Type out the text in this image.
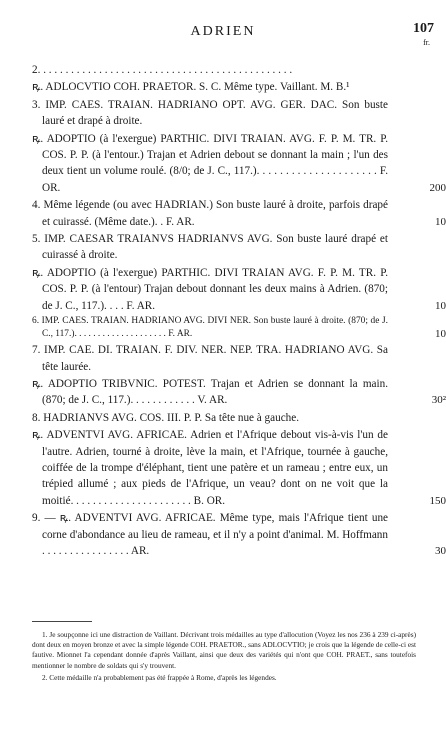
ADRIEN	107
fr.

2. . . . . . . . . . . . . . . . . . . . . . . . . . . . . . . . . . . . . . . . . . . . . .

ꝶ. ADLOCVTIO COH. PRAETOR. S. C. Même type. Vaillant. M. B.¹

3. IMP. CAES. TRAIAN. HADRIANO OPT. AVG. GER. DAC. Son buste lauré et drapé à droite.

ꝶ. ADOPTIO (à l'exergue) PARTHIC. DIVI TRAIAN. AVG. F. P. M. TR. P. COS. P. P. (à l'entour.) Trajan et Adrien debout se donnant la main ; l'un des deux tient un volume roulé. (8/0; de J. C., 117.). . . . . . . . . . . . . . . . . . . . . F. OR.	200

4. Même légende (ou avec HADRIAN.) Son buste lauré à droite, parfois drapé et cuirassé. (Même date.). . F. AR.	10

5. IMP. CAESAR TRAIANVS HADRIANVS AVG. Son buste lauré drapé et cuirassé à droite.

ꝶ. ADOPTIO (à l'exergue) PARTHIC. DIVI TRAIAN AVG. F. P. M. TR. P. COS. P. P. (à l'entour) Trajan debout donnant les deux mains à Adrien. (870; de J. C., 117.). . . . F. AR.	10

6. IMP. CAES. TRAIAN. HADRIANO AVG. DIVI NER. Son buste lauré à droite. (870; de J. C., 117.). . . . . . . . . . . . . . . . . . . . F. AR.	10

7. IMP. CAE. DI. TRAIAN. F. DIV. NER. NEP. TRA. HADRIANO AVG. Sa tête laurée.

ꝶ. ADOPTIO TRIBVNIC. POTEST. Trajan et Adrien se donnant la main. (870; de J. C., 117.). . . . . . . . . . . . V. AR.	30²

8. HADRIANVS AVG. COS. III. P. P. Sa tête nue à gauche.

ꝶ. ADVENTVI AVG. AFRICAE. Adrien et l'Afrique debout vis-à-vis l'un de l'autre. Adrien, tourné à droite, lève la main, et l'Afrique, tournée à gauche, coiffée de la trompe d'éléphant, tient une patère et un rameau ; entre eux, un trépied allumé ; aux pieds de l'Afrique, un veau? dont on ne voit que la moitié. . . . . . . . . . . . . . . . . . . . . . B. OR.	150

9. — ꝶ. ADVENTVI AVG. AFRICAE. Même type, mais l'Afrique tient une corne d'abondance au lieu de rameau, et il n'y a point d'animal. M. Hoffmann . . . . . . . . . . . . . . . . AR.	30

1. Je soupçonne ici une distraction de Vaillant. Décrivant trois médailles au type d'allocution (Voyez les nos 236 à 239 ci-après) dont deux en moyen bronze et avec la simple légende COH. PRAETOR., sans ADLOCVTIO; je crois que la légende de celle-ci est fautive. Mionnet l'a cependant donnée d'après Vaillant, ainsi que deux des variétés qui n'ont que COH. PRAET., sans toutefois mentionner le nombre de soldats qui s'y trouvent.

2. Cette médaille n'a probablement pas été frappée à Rome, d'après les légendes.
